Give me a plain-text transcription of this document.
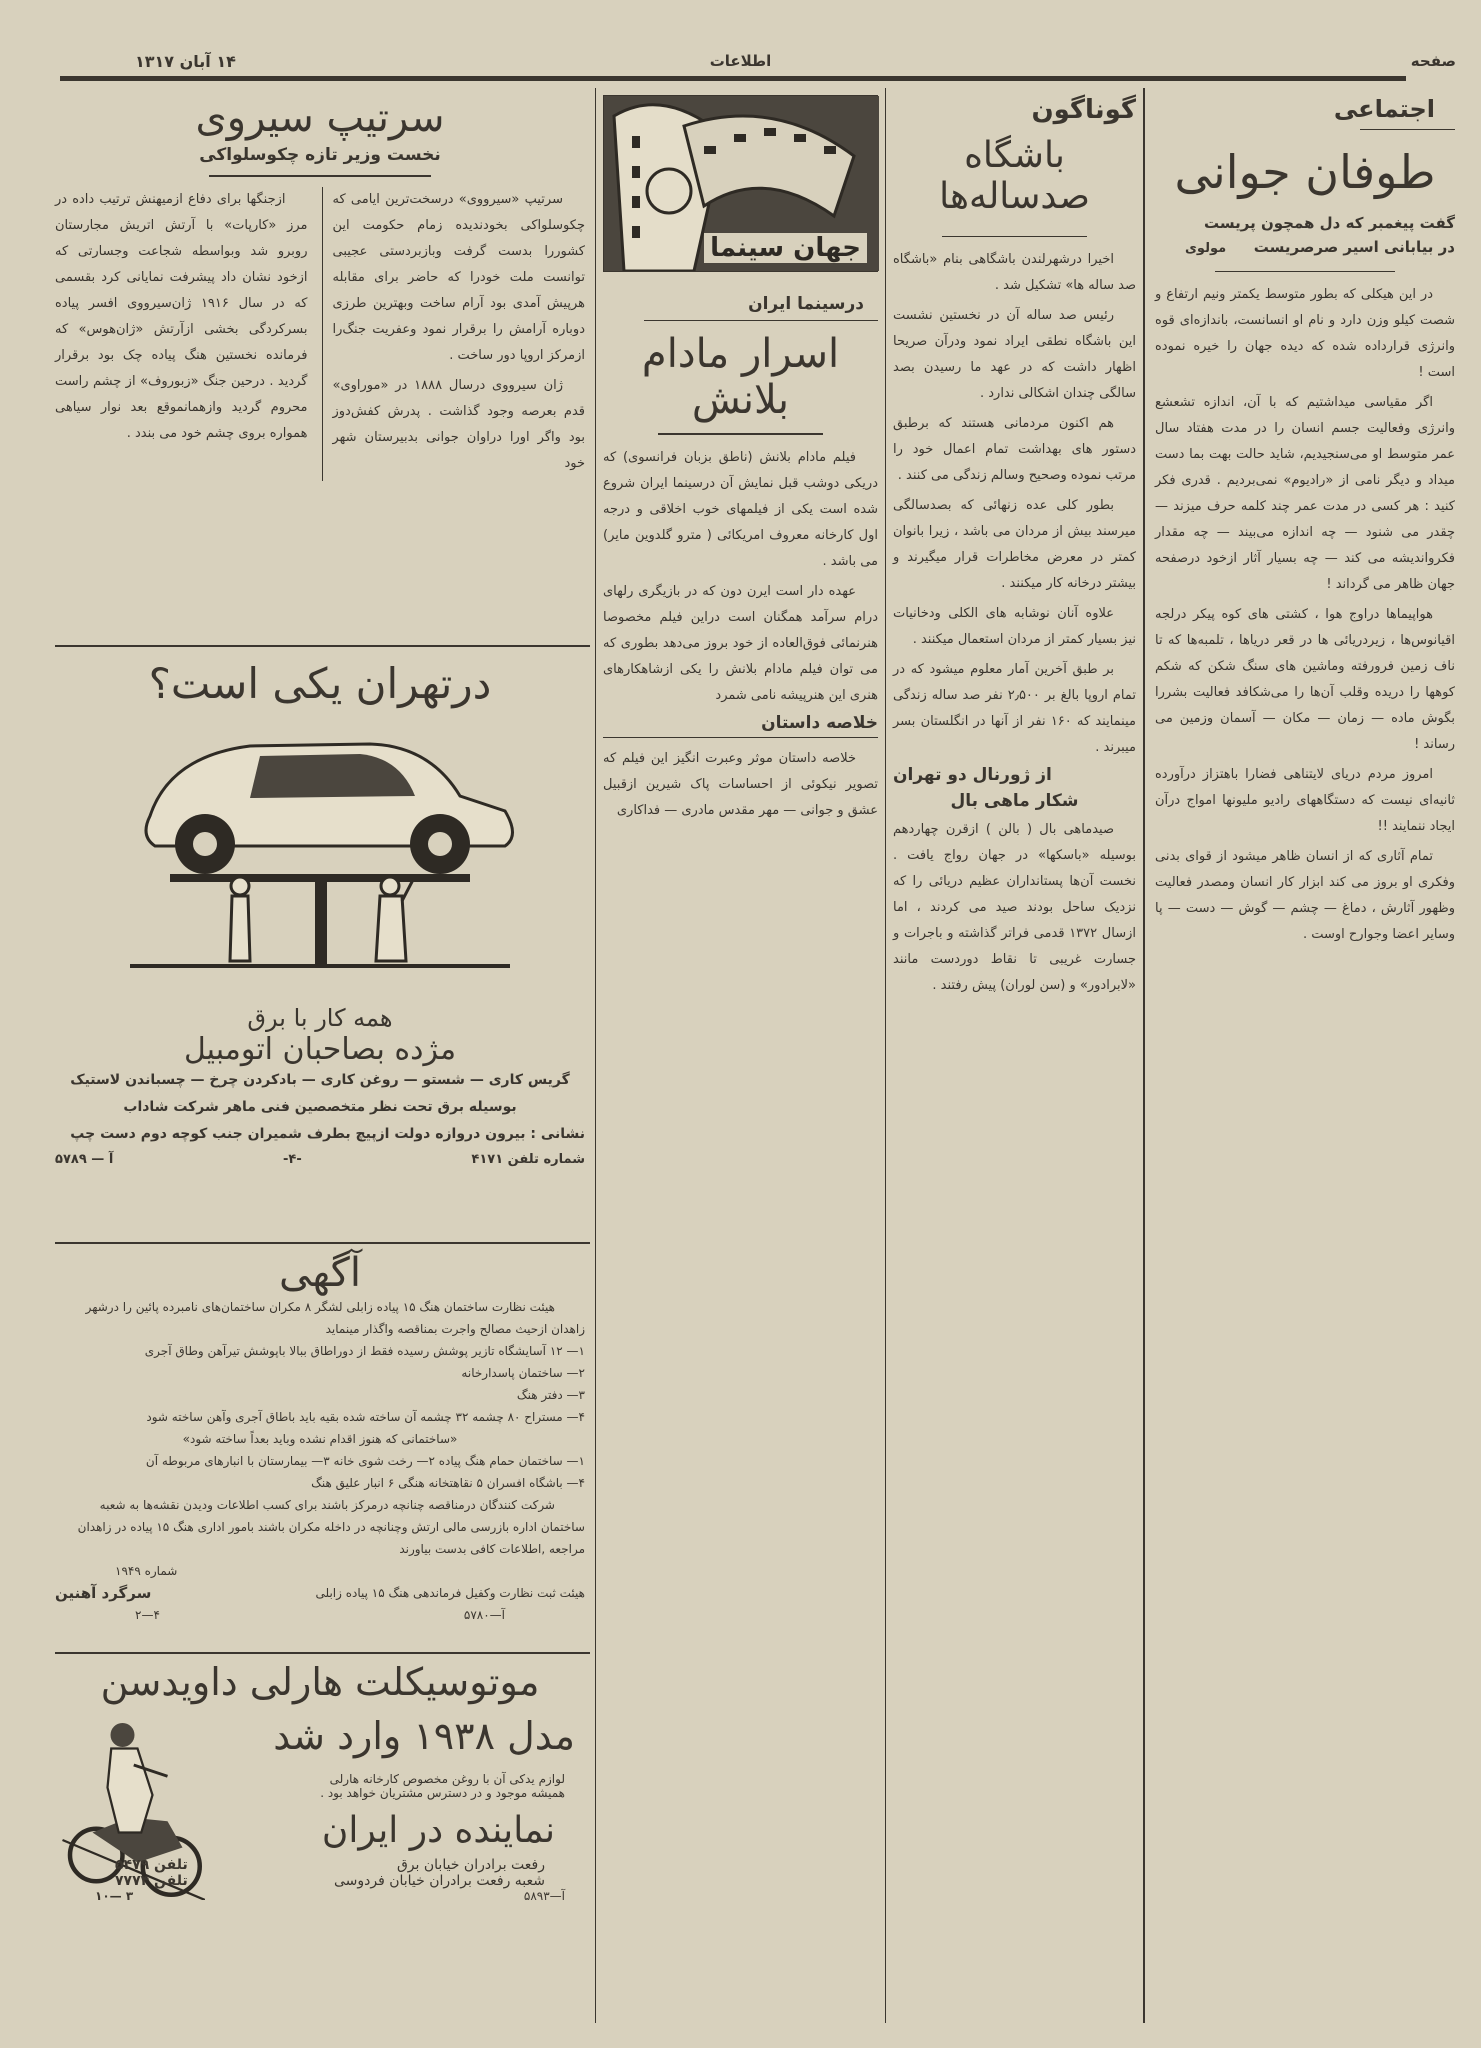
صفحه
اطلاعات
۱۴ آبان ۱۳۱۷
اجتماعی
طوفان جوانی
گفت پیغمبر که دل همچون پریست
در بیابانی اسیر صرصریست
مولوی

در این هیکلی که بطور متوسط یکمتر ونیم ارتفاع و شصت کیلو وزن دارد و نام او انسانست، باندازه‌ای قوه وانرژی قرارداده شده که دیده جهان را خیره نموده است !

اگر مقیاسی میداشتیم که با آن، اندازه تشعشع وانرژی وفعالیت جسم انسان را در مدت هفتاد سال عمر متوسط او می‌سنجیدیم، شاید حالت بهت بما دست میداد و دیگر نامی از «رادیوم» نمی‌بردیم . قدری فکر کنید : هر کسی در مدت عمر چند کلمه حرف میزند — چقدر می شنود — چه اندازه می‌بیند — چه مقدار فکروانديشه می کند — چه بسیار آثار ازخود درصفحه جهان ظاهر می گرداند !

هواپیماها دراوج هوا ، کشتی های کوه پیکر درلجه اقیانوس‌ها ، زیردریائی ها در قعر دریاها ، تلمبه‌ها که تا ناف زمین فرورفته وماشین های سنگ شکن که شکم کوهها را دریده وقلب آن‌ها را می‌شکافد فعالیت بشررا بگوش ماده — زمان — مکان — آسمان وزمین می رساند !

امروز مردم دریای لایتناهی فضارا باهتزاز درآورده ثانیه‌ای نیست که دستگاههای رادیو ملیونها امواج درآن ایجاد ننمایند !!

تمام آثاری که از انسان ظاهر میشود از قوای بدنی وفکری او بروز می کند ابزار کار انسان ومصدر فعالیت وظهور آثارش ، دماغ — چشم — گوش — دست — پا وسایر اعضا وجوارح اوست .

گوناگون
باشگاه صدساله‌ها

اخیرا درشهرلندن باشگاهی بنام «باشگاه صد ساله ها» تشکیل شد .

رئیس صد ساله آن در نخستین نشست این باشگاه نطقی ایراد نمود ودرآن صریحا اظهار داشت که در عهد ما رسیدن بصد سالگی چندان اشکالی ندارد .

هم اکنون مردمانی هستند که برطبق دستور های بهداشت تمام اعمال خود را مرتب نموده وصحیح وسالم زندگی می کنند .

بطور کلی عده زنهائی که بصدسالگی میرسند بیش از مردان می باشد ، زیرا بانوان کمتر در معرض مخاطرات قرار میگیرند و بیشتر درخانه کار میکنند .

علاوه آنان نوشابه های الکلی ودخانیات نیز بسیار کمتر از مردان استعمال میکنند .

بر طبق آخرین آمار معلوم میشود که در تمام اروپا بالغ بر ۲٫۵۰۰ نفر صد ساله زندگی مینمایند که ۱۶۰ نفر از آنها در انگلستان بسر میبرند .

از ژورنال دو تهران
شکار ماهی بال

صیدماهی بال ( بالن ) ازقرن چهاردهم بوسیله «باسکها» در جهان رواج یافت . نخست آن‌ها پستانداران عظیم دریائی را که نزدیک ساحل بودند صید می کردند ، اما ازسال ۱۳۷۲ قدمی فراتر گذاشته و باجرات و جسارت غریبی تا نقاط دوردست مانند «لابرادور» و (سن لوران) پیش رفتند .

جهان سینما
درسینما ایران
اسرار مادام بلانش

فیلم مادام بلانش (ناطق بزبان فرانسوی) که دریکی دوشب قبل نمایش آن درسینما ایران شروع شده است یکی از فیلمهای خوب اخلاقی و درجه اول کارخانه معروف امریکائی ( مترو گلدوین مایر) می باشد .

عهده دار است ایرن دون که در بازیگری رلهای درام سرآمد همگنان است دراین فیلم مخصوصا هنرنمائی فوق‌العاده از خود بروز می‌دهد بطوری که می توان فیلم مادام بلانش را یکی ازشاهکارهای هنری این هنرپیشه نامی شمرد

خلاصه داستان

خلاصه داستان موثر وعبرت انگیز این فیلم که تصویر نیکوئی از احساسات پاک شیرین ازقبیل عشق و جوانی — مهر مقدس مادری — فداکاری

سرتیپ سیروی
نخست وزیر تازه چکوسلواکی

سرتیپ «سیرووی» درسخت‌ترین ایامی که چکوسلواکی بخودندیده زمام حکومت این کشوررا بدست گرفت وبازبردستی عجیبی توانست ملت خودرا که حاضر برای مقابله هرپیش آمدی بود آرام ساخت وبهترین طرزی دوباره آرامش را برقرار نمود وعفریت جنگ‌را ازمرکز اروپا دور ساخت .

ژان سیرووی درسال ۱۸۸۸ در «موراوی» قدم بعرصه وجود گذاشت . پدرش کفش‌دوز بود واگر اورا دراوان جوانی بدبیرستان شهر خود

ازجنگها برای دفاع ازمیهنش ترتیب داده در مرز «کارپات» با آرتش اتریش مجارستان روبرو شد وبواسطه شجاعت وجسارتی که ازخود نشان داد پیشرفت نمایانی کرد بقسمی که در سال ۱۹۱۶ ژان‌سیرووی افسر پیاده بسرکردگی بخشی ازآرتش «ژان‌هوس» که فرمانده نخستین هنگ پیاده چک بود برقرار گردید . درحین جنگ «زبوروف» از چشم راست محروم گردید وازهمانموقع بعد نوار سیاهی همواره بروی چشم خود می بندد .

درتهران یکی است؟
همه کار با برق
مژده بصاحبان اتومبیل
گریس کاری — شستو — روغن کاری — بادکردن چرخ — چسباندن لاستیک
بوسیله برق تحت نظر متخصصین فنی ماهر شرکت شاداب
نشانی : بیرون دروازه دولت ازپیچ بطرف شمیران جنب کوچه دوم دست چپ
شماره تلفن ۴۱۷۱
-۴-
آ — ۵۷۸۹
آگهی
هیئت نظارت ساختمان هنگ ۱۵ پیاده زابلی لشگر ۸ مکران ساختمان‌های نامبرده پائین را درشهر زاهدان ازحیث مصالح واجرت بمناقصه واگذار مینماید
۱— ۱۲ آسایشگاه تازیر پوشش رسیده فقط از دوراطاق ببالا باپوشش تیرآهن وطاق آجری
۲— ساختمان پاسدارخانه
۳— دفتر هنگ
۴— مستراح ۸۰ چشمه ۳۲ چشمه آن ساخته شده بقیه باید باطاق آجری وآهن ساخته شود
«ساختمانی که هنوز اقدام نشده وباید بعداً ساخته شود»
۱— ساختمان حمام هنگ پیاده ۲— رخت شوی خانه ۳— بیمارستان با انبارهای مربوطه آن
۴— باشگاه افسران ۵ نقاهتخانه هنگی ۶ انبار علیق هنگ
شرکت کنندگان درمناقصه چنانچه درمرکز باشند برای کسب اطلاعات ودیدن نقشه‌ها به شعبه ساختمان اداره بازرسی مالی ارتش وچنانچه در داخله مکران باشند بامور اداری هنگ ۱۵ پیاده در زاهدان مراجعه ,اطلاعات کافی بدست بیاورند
شماره ۱۹۴۹
هیئت ثبت نظارت وکفیل فرماندهی هنگ ۱۵ پیاده زابلی
سرگرد آهنین
آ—۵۷۸۰
۴—۲
موتوسیکلت هارلی داویدسن
مدل ۱۹۳۸ وارد شد
لوازم یدکی آن با روغن مخصوص کارخانه هارلی
همیشه موجود و در دسترس مشتریان خواهد بود .
نماینده در ایران
رفعت برادران خیابان برق
تلفن ۵۴۷۹
شعبه رفعت برادران خیابان فردوسی
تلفن ۷۷۷۴
آ—۵۸۹۳
۳ —۱۰
